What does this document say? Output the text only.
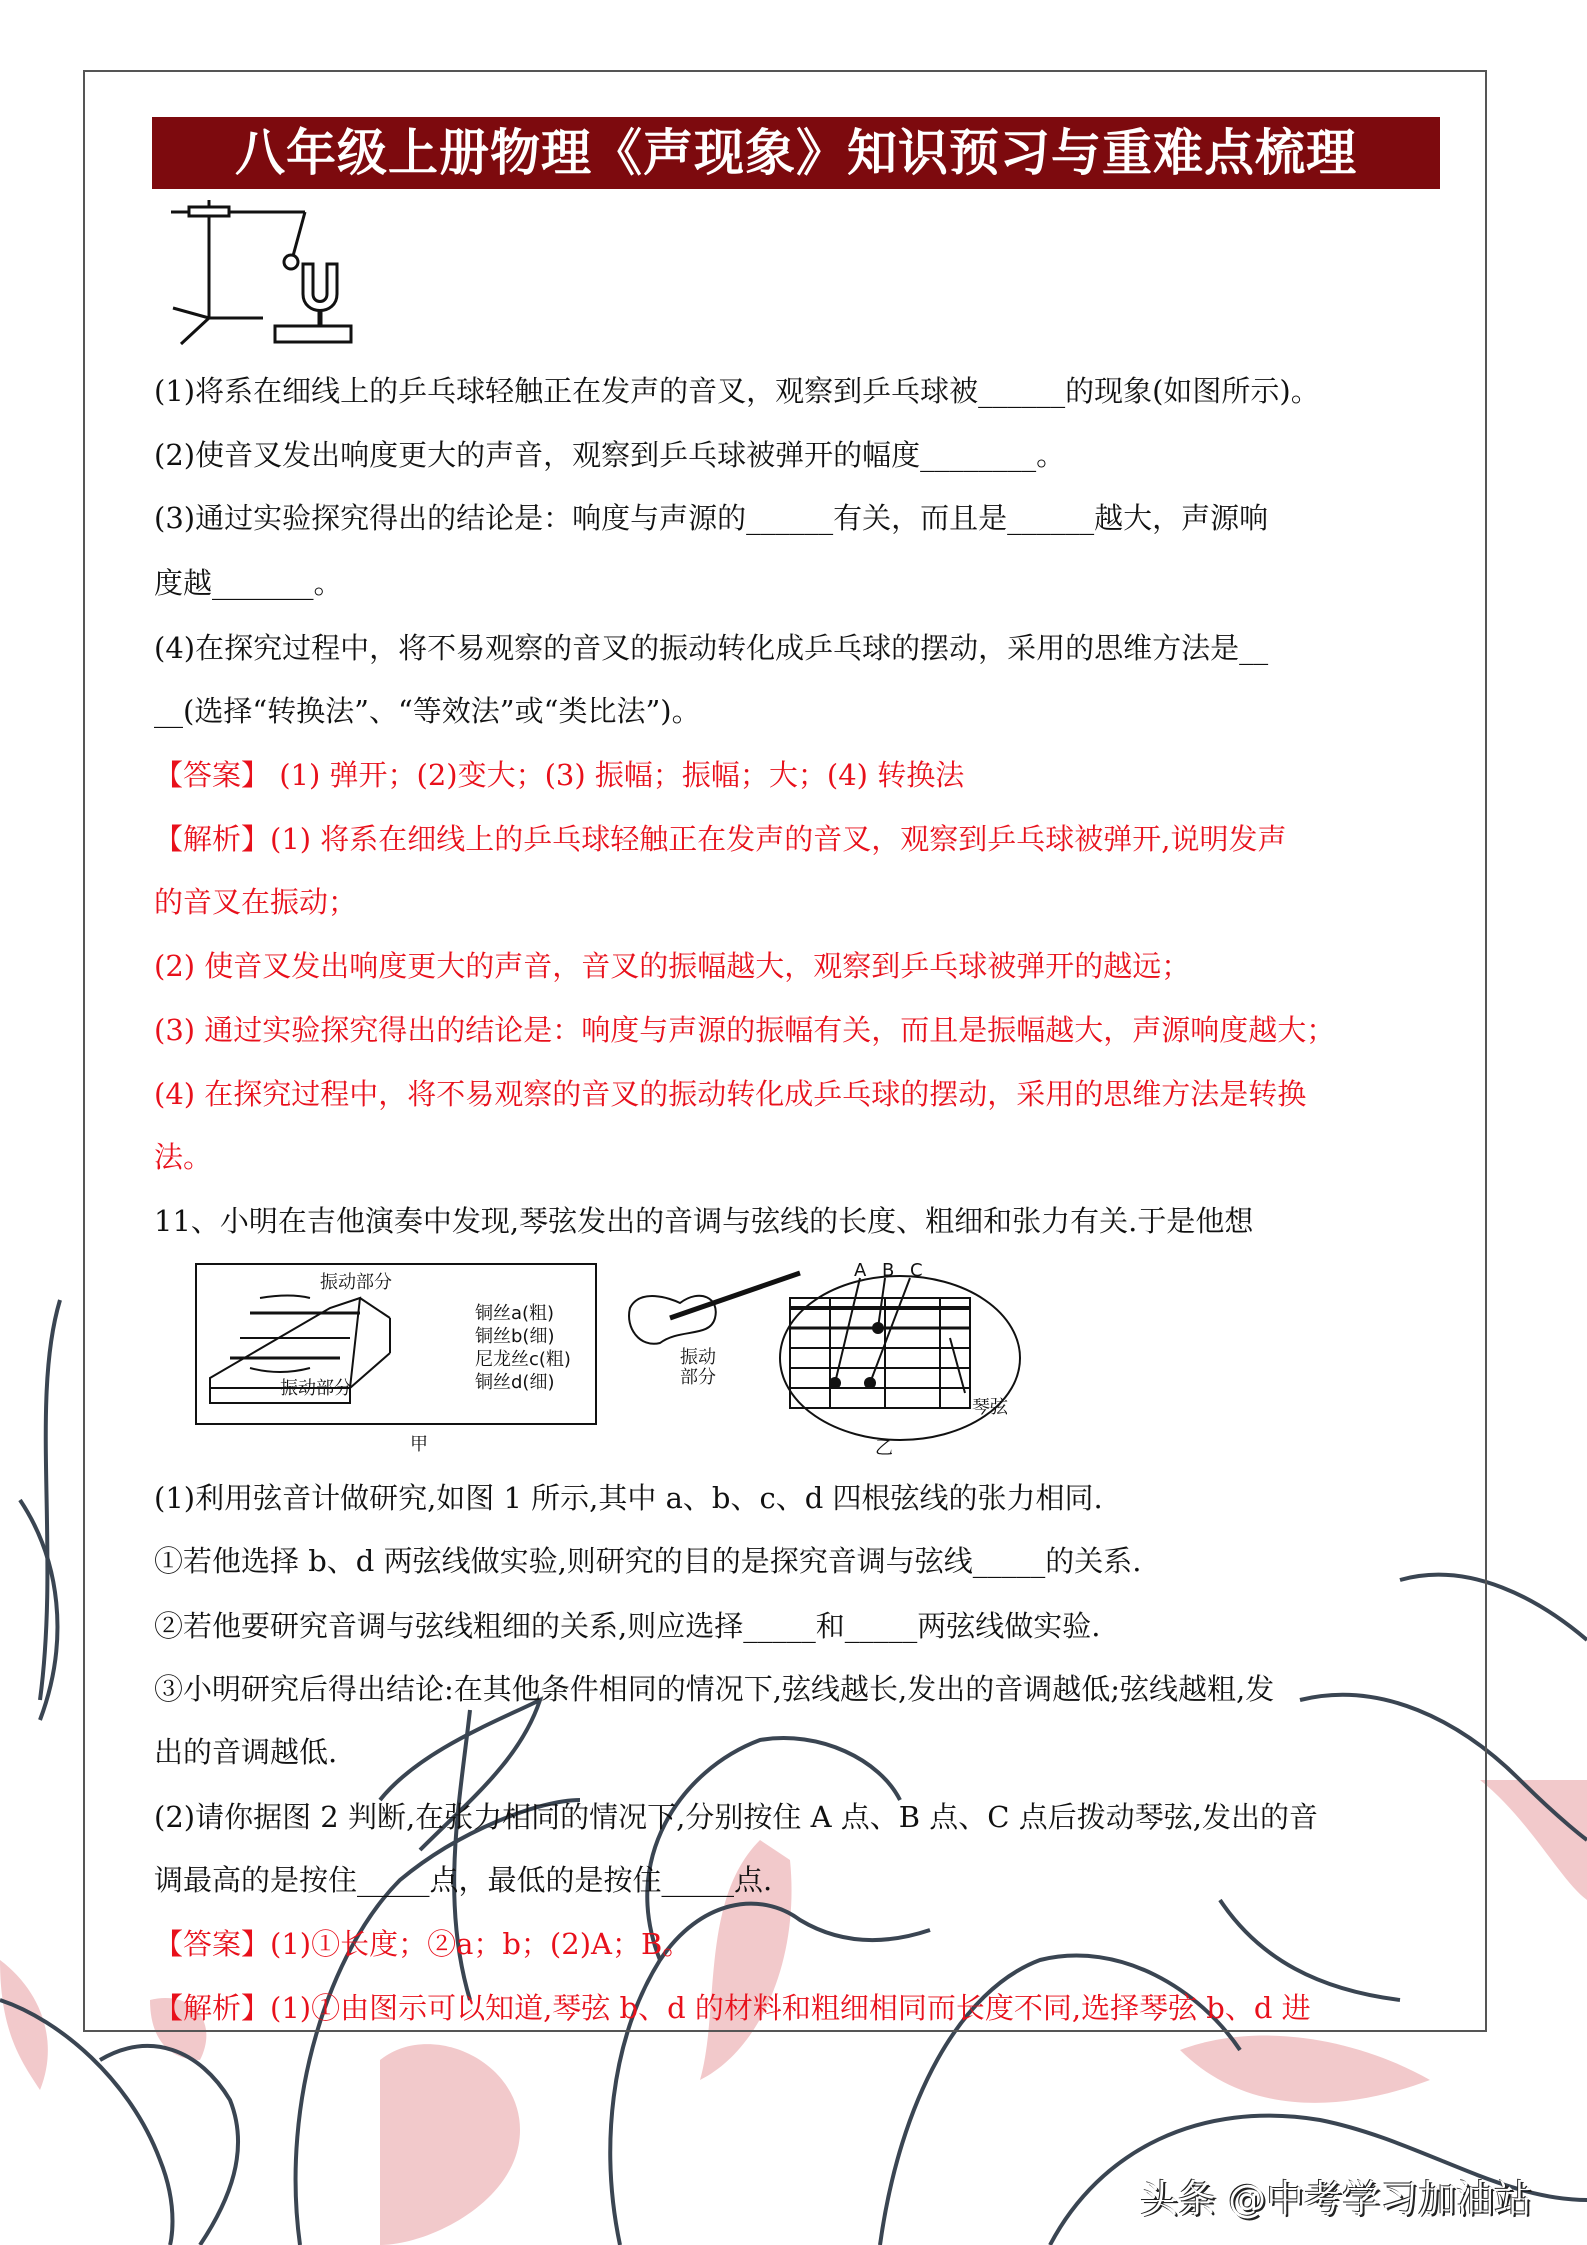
八年级上册物理《声现象》知识预习与重难点梳理
(1)将系在细线上的乒乓球轻触正在发声的音叉，观察到乒乓球被______的现象(如图所示)。
(2)使音叉发出响度更大的声音，观察到乒乓球被弹开的幅度________。
(3)通过实验探究得出的结论是：响度与声源的______有关，而且是______越大，声源响
度越_______。
(4)在探究过程中，将不易观察的音叉的振动转化成乒乓球的摆动，采用的思维方法是__
__(选择“转换法”、“等效法”或“类比法”)。
【答案】 (1) 弹开；(2)变大；(3) 振幅；振幅；大；(4) 转换法
【解析】(1) 将系在细线上的乒乓球轻触正在发声的音叉，观察到乒乓球被弹开,说明发声
的音叉在振动；
(2) 使音叉发出响度更大的声音，音叉的振幅越大，观察到乒乓球被弹开的越远；
(3) 通过实验探究得出的结论是：响度与声源的振幅有关，而且是振幅越大，声源响度越大；
(4) 在探究过程中，将不易观察的音叉的振动转化成乒乓球的摆动，采用的思维方法是转换
法。
11、小明在吉他演奏中发现,琴弦发出的音调与弦线的长度、粗细和张力有关.于是他想
振动部分
振动部分
铜丝a(粗)
铜丝b(细)
尼龙丝c(粗)
铜丝d(细)
甲
A B C
振动
部分
琴弦
乙
(1)利用弦音计做研究,如图 1 所示,其中 a、b、c、d 四根弦线的张力相同.
①若他选择 b、d 两弦线做实验,则研究的目的是探究音调与弦线_____的关系.
②若他要研究音调与弦线粗细的关系,则应选择_____和_____两弦线做实验.
③小明研究后得出结论:在其他条件相同的情况下,弦线越长,发出的音调越低;弦线越粗,发
出的音调越低.
(2)请你据图 2 判断,在张力相同的情况下,分别按住 A 点、B 点、C 点后拨动琴弦,发出的音
调最高的是按住_____点，最低的是按住_____点.
【答案】(1)①长度；②a；b；(2)A；B。
【解析】(1)①由图示可以知道,琴弦 b、d 的材料和粗细相同而长度不同,选择琴弦 b、d 进
头条 @中考学习加油站
